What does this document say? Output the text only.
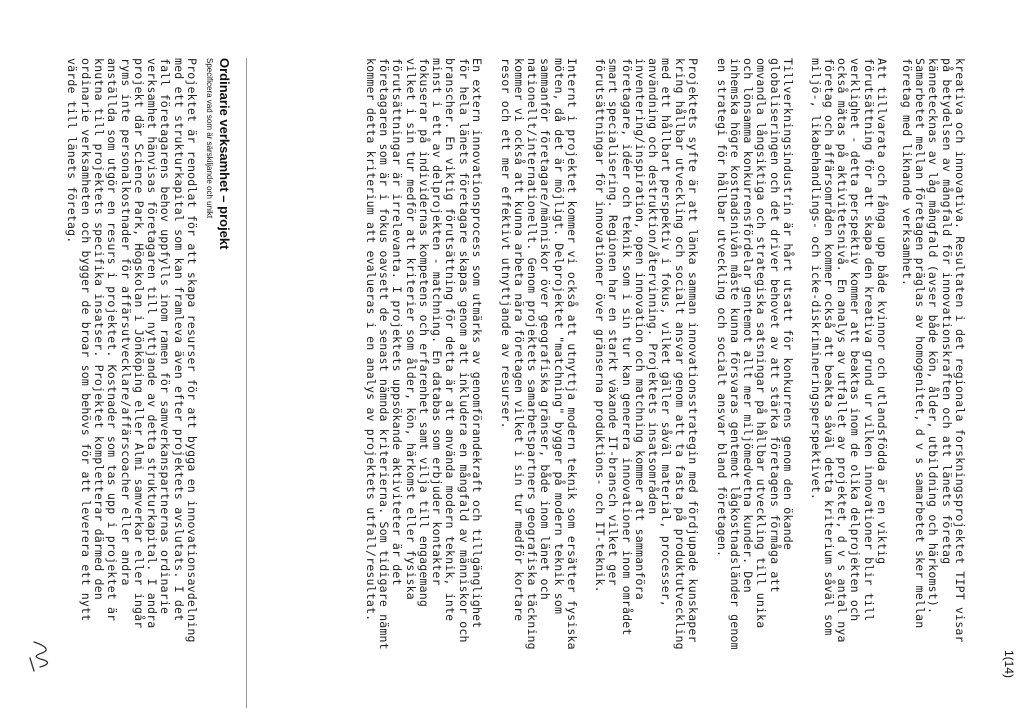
1(14)
kreativa och innovativa. Resultaten i det regionala forskningsprojektet TIPT visar
på betydelsen av mångfald för innovationskraften och att länets företag
kännetecknas av låg mångfald (avser både kön, ålder, utbildning och härkomst).
Samarbetet mellan företagen präglas av homogenitet, d v s samarbetet sker mellan
företag med liknande verksamhet.
Att tillvarata och fånga upp både kvinnor och utlandsfödda är en viktig
förutsättning för att skapa den kreativa grund ur vilken innovationer blir till
verklighet - detta perspektiv kommer att beaktas inom de olika delprojekten och
också mätas på aktivitetsnivå. En analys av utfallet av projektet, d v s antal nya
företag och affärsområden kommer också att beakta såväl detta kriterium såväl som
miljö-, likabehandlings- och icke-diskrimineringsperspektivet.
Tillverkningsindustrin är hårt utsatt för konkurrens genom den ökande
globaliseringen och det driver behovet av att stärka företagens förmåga att
omvandla långsiktiga och strategiska satsningar på hållbar utveckling till unika
och lönsamma konkurrensfördelar gentemot allt mer miljömedvetna kunder. Den
inhemska högre kostnadsnivån måste kunna försvaras gentemot lågkostnadsländer genom
en strategi för hållbar utveckling och socialt ansvar bland företagen.
Projektets syfte är att länka samman innovationsstrategin med fördjupade kunskaper
kring hållbar utveckling och socialt ansvar genom att ta fasta på produktutveckling
med ett hållbart perspektiv i fokus, vilket gäller såväl material, processer,
användning och destruktion/återvinning. Projektets insatsområden
inventering/inspiration, open innovation och matchning kommer att sammanföra
företagare, idéer och teknik som i sin tur kan generera innovationer inom området
smart specialisering. Regionen har en starkt växande IT-bransch vilket ger
förutsättningar för innovationer över gränserna produktions- och IT-teknik.
Internt i projektet kommer vi också att utnyttja modern teknik som ersätter fysiska
möten, då det är möjligt. Delprojektet "matchning" bygger på modern teknik som
sammanför företagare/människor över geografiska gränser, både inom länet och
nationellt/internationellt. Genom projektets samarbetspartners geografiska täckning
kommer vi också att kunna arbeta nära företagen vilket i sin tur medför kortare
resor och ett mer effektivt utnyttjande av resurser.
En extern innovationsprocess som utmärks av genomförandekraft och tillgänglighet
för hela länets företagare skapas genom att inkludera en mångfald av människor och
branscher. En viktig förutsättning för detta är att använda modern teknik, inte
minst i ett av delprojekten - matchning. En databas som erbjuder kontakter
fokuserar på individernas kompetens och erfarenhet samt vilja till engagemang
vilket i sin tur medför att kriterier som ålder, kön, härkomst eller fysiska
förutsättningar är irrelevanta. I projektets uppsökande aktiviteter är det
företagaren som är i fokus oavsett de senast nämnda kriterierna. Som tidigare nämnt
kommer detta kriterium att evalueras i en analys av projektets utfall/resultat.
Ordinarie verksamhet – projekt
Specificera vad som är särskiljande och unikt
Projektet är renodlat för att skapa resurser för att bygga en innovationsavdelning
med ett strukturkapital som kan framleva även efter projektets avslutats. I det
fall företagarens behov uppfylls inom ramen för samverkanspartnernas ordinarie
verksamhet hänvisas företagaren till nyttjande av detta strukturkapital. I andra
projekt där Science Park, Högskolan i Jönköping eller Almi samverkar eller ingår
ryms inte personalkostnader för affärsutvecklare/affärscoacher eller andra
anställda som utgör en resurs i projektet. Kostnader som tas upp i projektet är
knutna till projektets specifika insatser. Projektet kompletterar därmed den
ordinarie verksamheten och bygger de broar som behövs för att leverera ett nytt
värde till länets företag.
